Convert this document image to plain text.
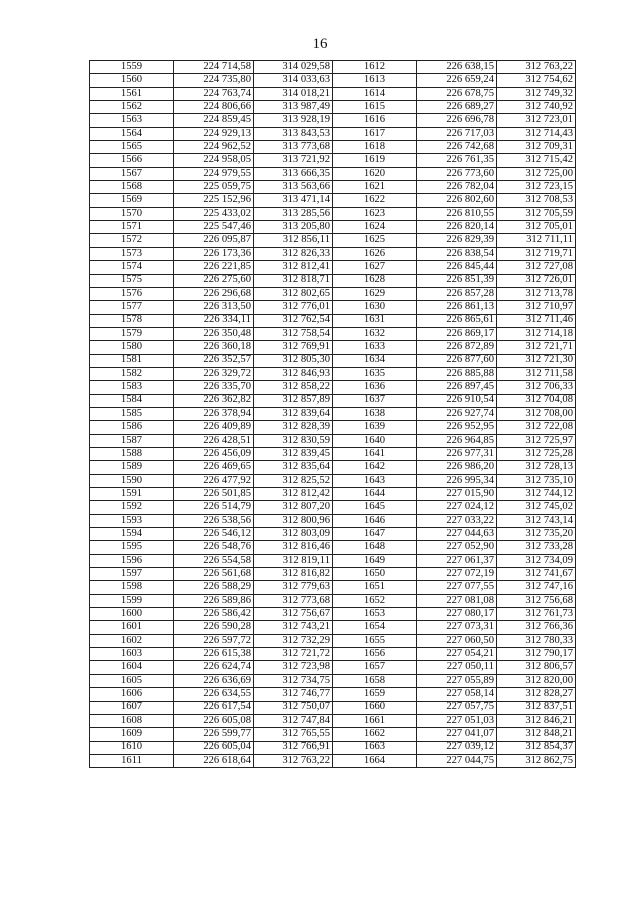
16
1559	224 714,58	314 029,58	1612	226 638,15	312 763,22
1560	224 735,80	314 033,63	1613	226 659,24	312 754,62
1561	224 763,74	314 018,21	1614	226 678,75	312 749,32
1562	224 806,66	313 987,49	1615	226 689,27	312 740,92
1563	224 859,45	313 928,19	1616	226 696,78	312 723,01
1564	224 929,13	313 843,53	1617	226 717,03	312 714,43
1565	224 962,52	313 773,68	1618	226 742,68	312 709,31
1566	224 958,05	313 721,92	1619	226 761,35	312 715,42
1567	224 979,55	313 666,35	1620	226 773,60	312 725,00
1568	225 059,75	313 563,66	1621	226 782,04	312 723,15
1569	225 152,96	313 471,14	1622	226 802,60	312 708,53
1570	225 433,02	313 285,56	1623	226 810,55	312 705,59
1571	225 547,46	313 205,80	1624	226 820,14	312 705,01
1572	226 095,87	312 856,11	1625	226 829,39	312 711,11
1573	226 173,36	312 826,33	1626	226 838,54	312 719,71
1574	226 221,85	312 812,41	1627	226 845,44	312 727,08
1575	226 275,60	312 818,71	1628	226 851,39	312 726,01
1576	226 296,68	312 802,65	1629	226 857,28	312 713,78
1577	226 313,50	312 776,01	1630	226 861,13	312 710,97
1578	226 334,11	312 762,54	1631	226 865,61	312 711,46
1579	226 350,48	312 758,54	1632	226 869,17	312 714,18
1580	226 360,18	312 769,91	1633	226 872,89	312 721,71
1581	226 352,57	312 805,30	1634	226 877,60	312 721,30
1582	226 329,72	312 846,93	1635	226 885,88	312 711,58
1583	226 335,70	312 858,22	1636	226 897,45	312 706,33
1584	226 362,82	312 857,89	1637	226 910,54	312 704,08
1585	226 378,94	312 839,64	1638	226 927,74	312 708,00
1586	226 409,89	312 828,39	1639	226 952,95	312 722,08
1587	226 428,51	312 830,59	1640	226 964,85	312 725,97
1588	226 456,09	312 839,45	1641	226 977,31	312 725,28
1589	226 469,65	312 835,64	1642	226 986,20	312 728,13
1590	226 477,92	312 825,52	1643	226 995,34	312 735,10
1591	226 501,85	312 812,42	1644	227 015,90	312 744,12
1592	226 514,79	312 807,20	1645	227 024,12	312 745,02
1593	226 538,56	312 800,96	1646	227 033,22	312 743,14
1594	226 546,12	312 803,09	1647	227 044,63	312 735,20
1595	226 548,76	312 816,46	1648	227 052,90	312 733,28
1596	226 554,58	312 819,11	1649	227 061,37	312 734,09
1597	226 561,68	312 816,82	1650	227 072,19	312 741,67
1598	226 588,29	312 779,63	1651	227 077,55	312 747,16
1599	226 589,86	312 773,68	1652	227 081,08	312 756,68
1600	226 586,42	312 756,67	1653	227 080,17	312 761,73
1601	226 590,28	312 743,21	1654	227 073,31	312 766,36
1602	226 597,72	312 732,29	1655	227 060,50	312 780,33
1603	226 615,38	312 721,72	1656	227 054,21	312 790,17
1604	226 624,74	312 723,98	1657	227 050,11	312 806,57
1605	226 636,69	312 734,75	1658	227 055,89	312 820,00
1606	226 634,55	312 746,77	1659	227 058,14	312 828,27
1607	226 617,54	312 750,07	1660	227 057,75	312 837,51
1608	226 605,08	312 747,84	1661	227 051,03	312 846,21
1609	226 599,77	312 765,55	1662	227 041,07	312 848,21
1610	226 605,04	312 766,91	1663	227 039,12	312 854,37
1611	226 618,64	312 763,22	1664	227 044,75	312 862,75
